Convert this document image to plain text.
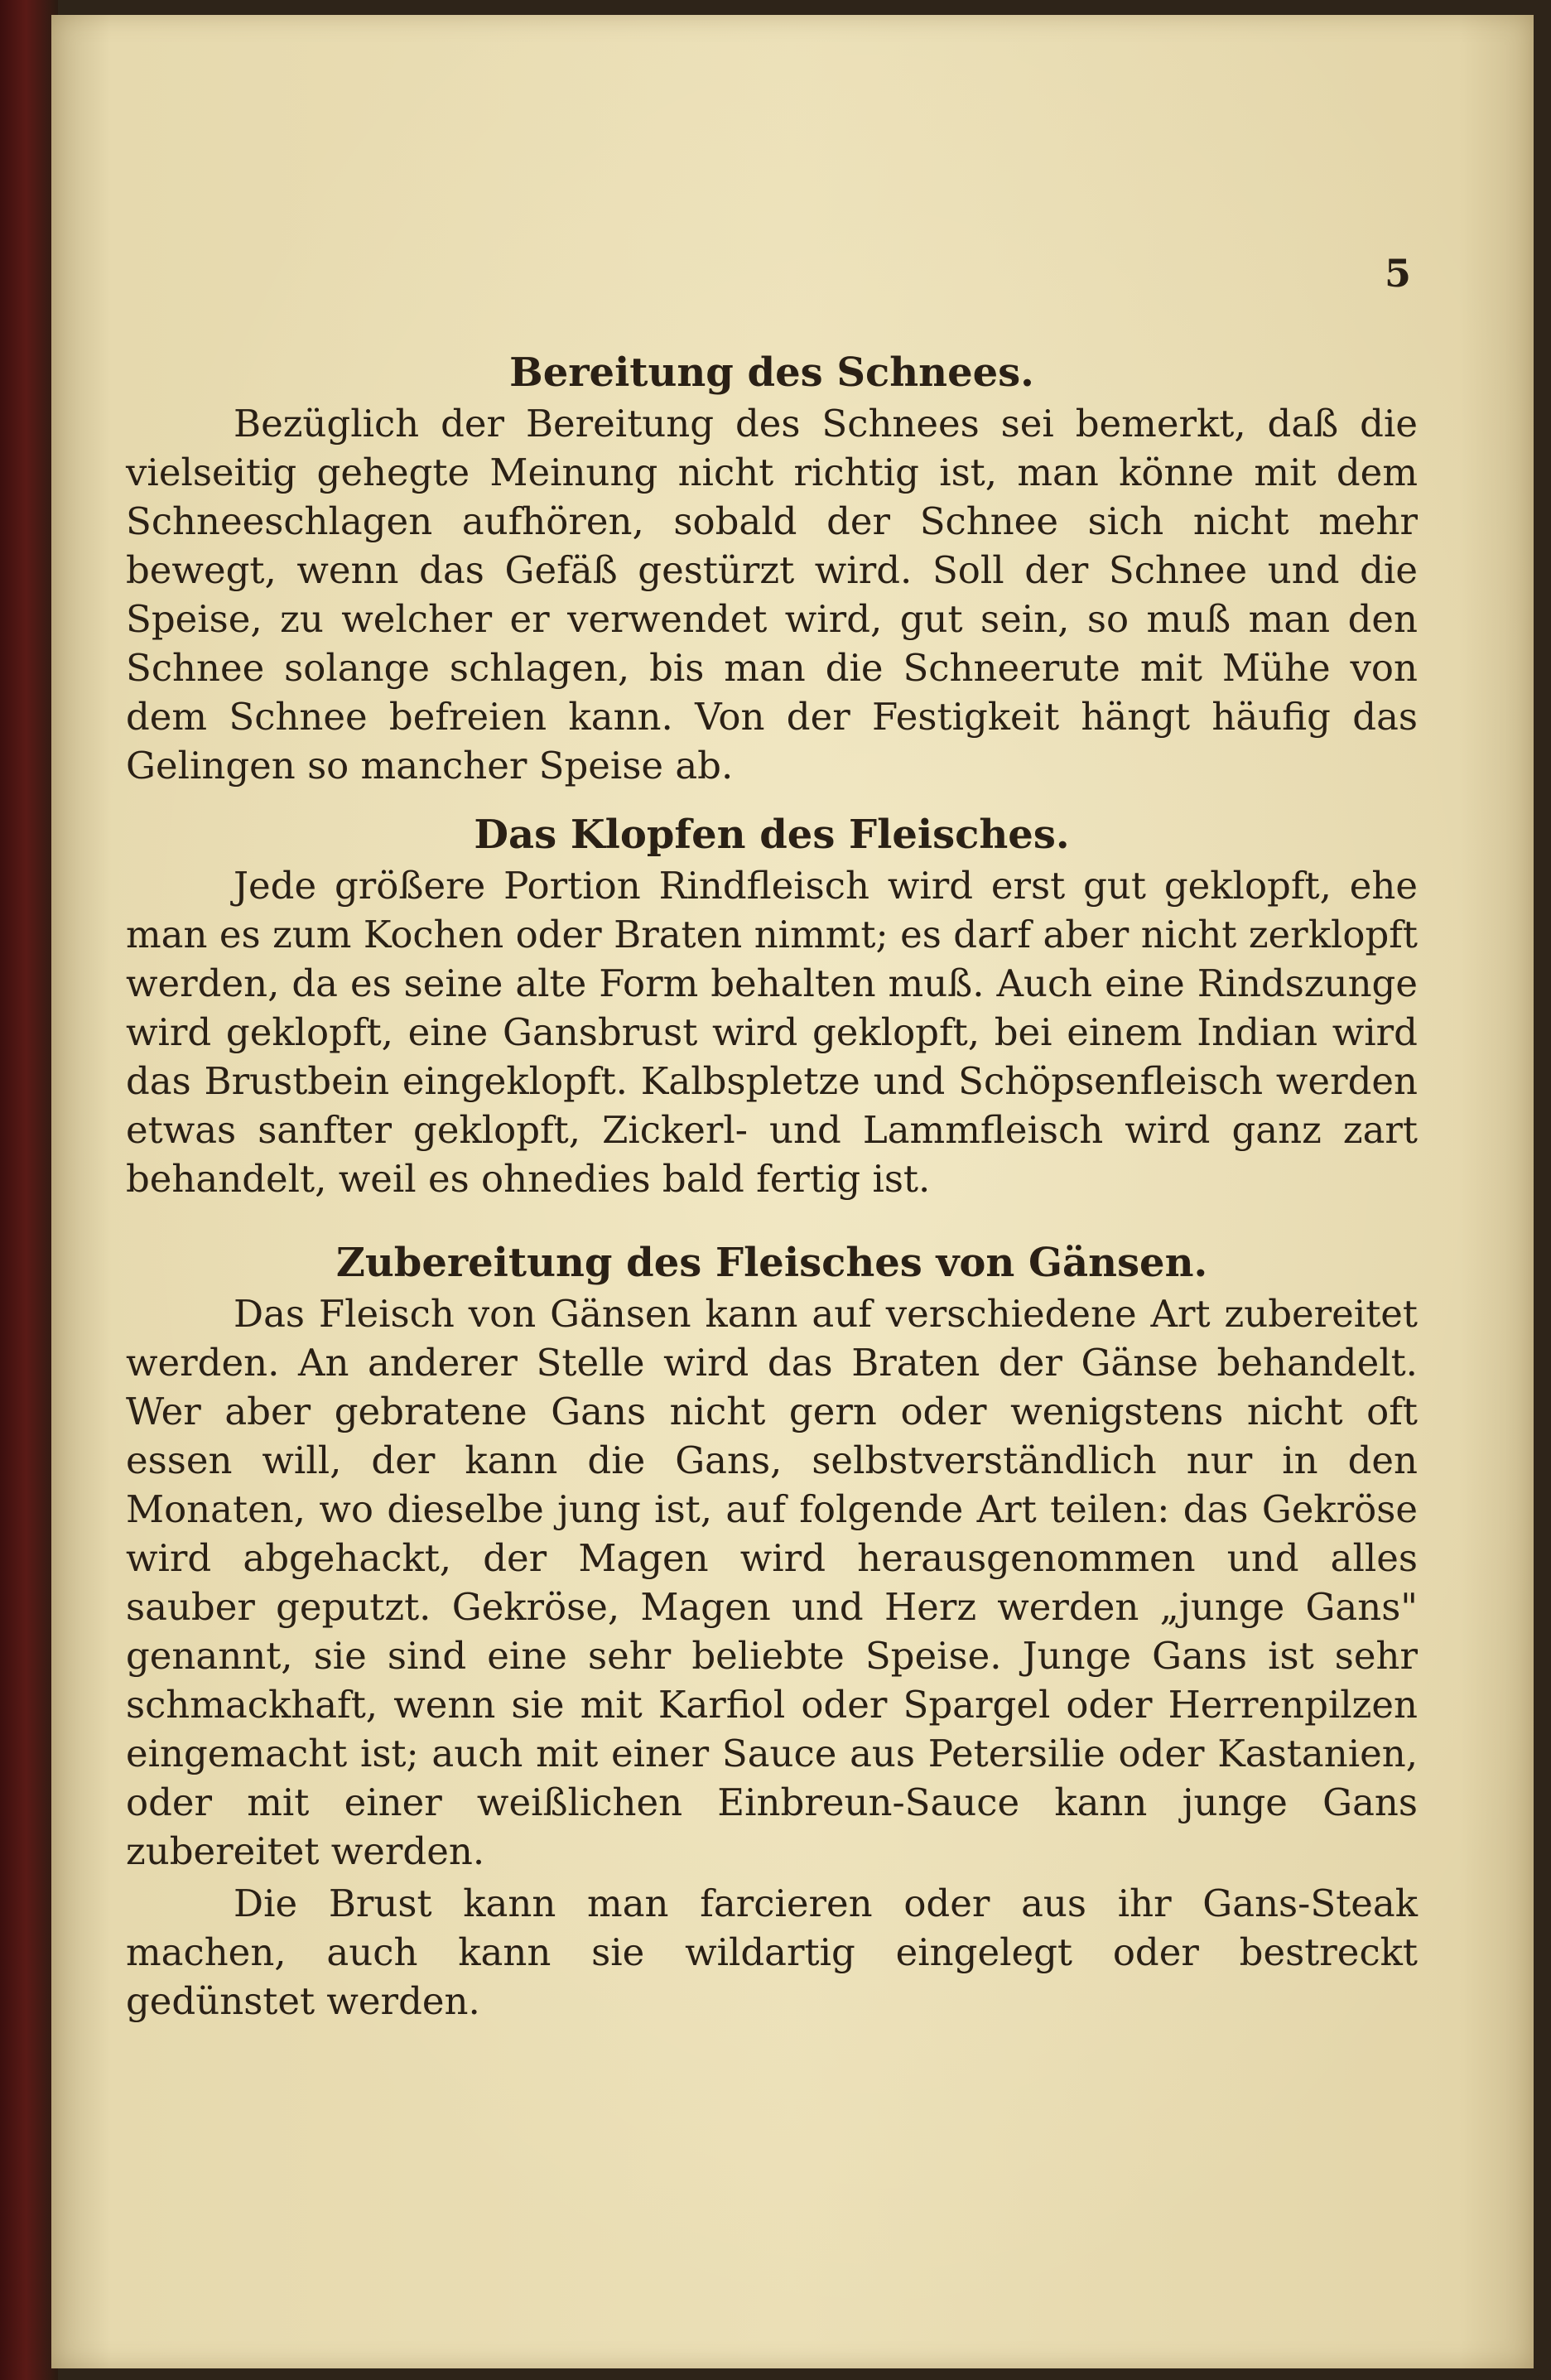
5
Bereitung des Schnees.

Bezüglich der Bereitung des Schnees sei bemerkt, daß die vielseitig gehegte Meinung nicht richtig ist, man könne mit dem Schneeschlagen aufhören, sobald der Schnee sich nicht mehr bewegt, wenn das Gefäß gestürzt wird. Soll der Schnee und die Speise, zu welcher er verwendet wird, gut sein, so muß man den Schnee solange schlagen, bis man die Schneerute mit Mühe von dem Schnee befreien kann. Von der Festigkeit hängt häufig das Gelingen so mancher Speise ab.

Das Klopfen des Fleisches.

Jede größere Portion Rindfleisch wird erst gut geklopft, ehe man es zum Kochen oder Braten nimmt; es darf aber nicht zerklopft werden, da es seine alte Form behalten muß. Auch eine Rindszunge wird geklopft, eine Gansbrust wird geklopft, bei einem Indian wird das Brustbein eingeklopft. Kalbspletze und Schöpsenfleisch werden etwas sanfter geklopft, Zickerl- und Lammfleisch wird ganz zart behandelt, weil es ohnedies bald fertig ist.

Zubereitung des Fleisches von Gänsen.

Das Fleisch von Gänsen kann auf verschiedene Art zubereitet werden. An anderer Stelle wird das Braten der Gänse behandelt. Wer aber gebratene Gans nicht gern oder wenigstens nicht oft essen will, der kann die Gans, selbstverständlich nur in den Monaten, wo dieselbe jung ist, auf folgende Art teilen: das Gekröse wird abgehackt, der Magen wird herausgenommen und alles sauber geputzt. Gekröse, Magen und Herz werden „junge Gans" genannt, sie sind eine sehr beliebte Speise. Junge Gans ist sehr schmackhaft, wenn sie mit Karfiol oder Spargel oder Herrenpilzen eingemacht ist; auch mit einer Sauce aus Petersilie oder Kastanien, oder mit einer weißlichen Einbreun-Sauce kann junge Gans zubereitet werden.

Die Brust kann man farcieren oder aus ihr Gans-Steak machen, auch kann sie wildartig eingelegt oder bestreckt gedünstet werden.
